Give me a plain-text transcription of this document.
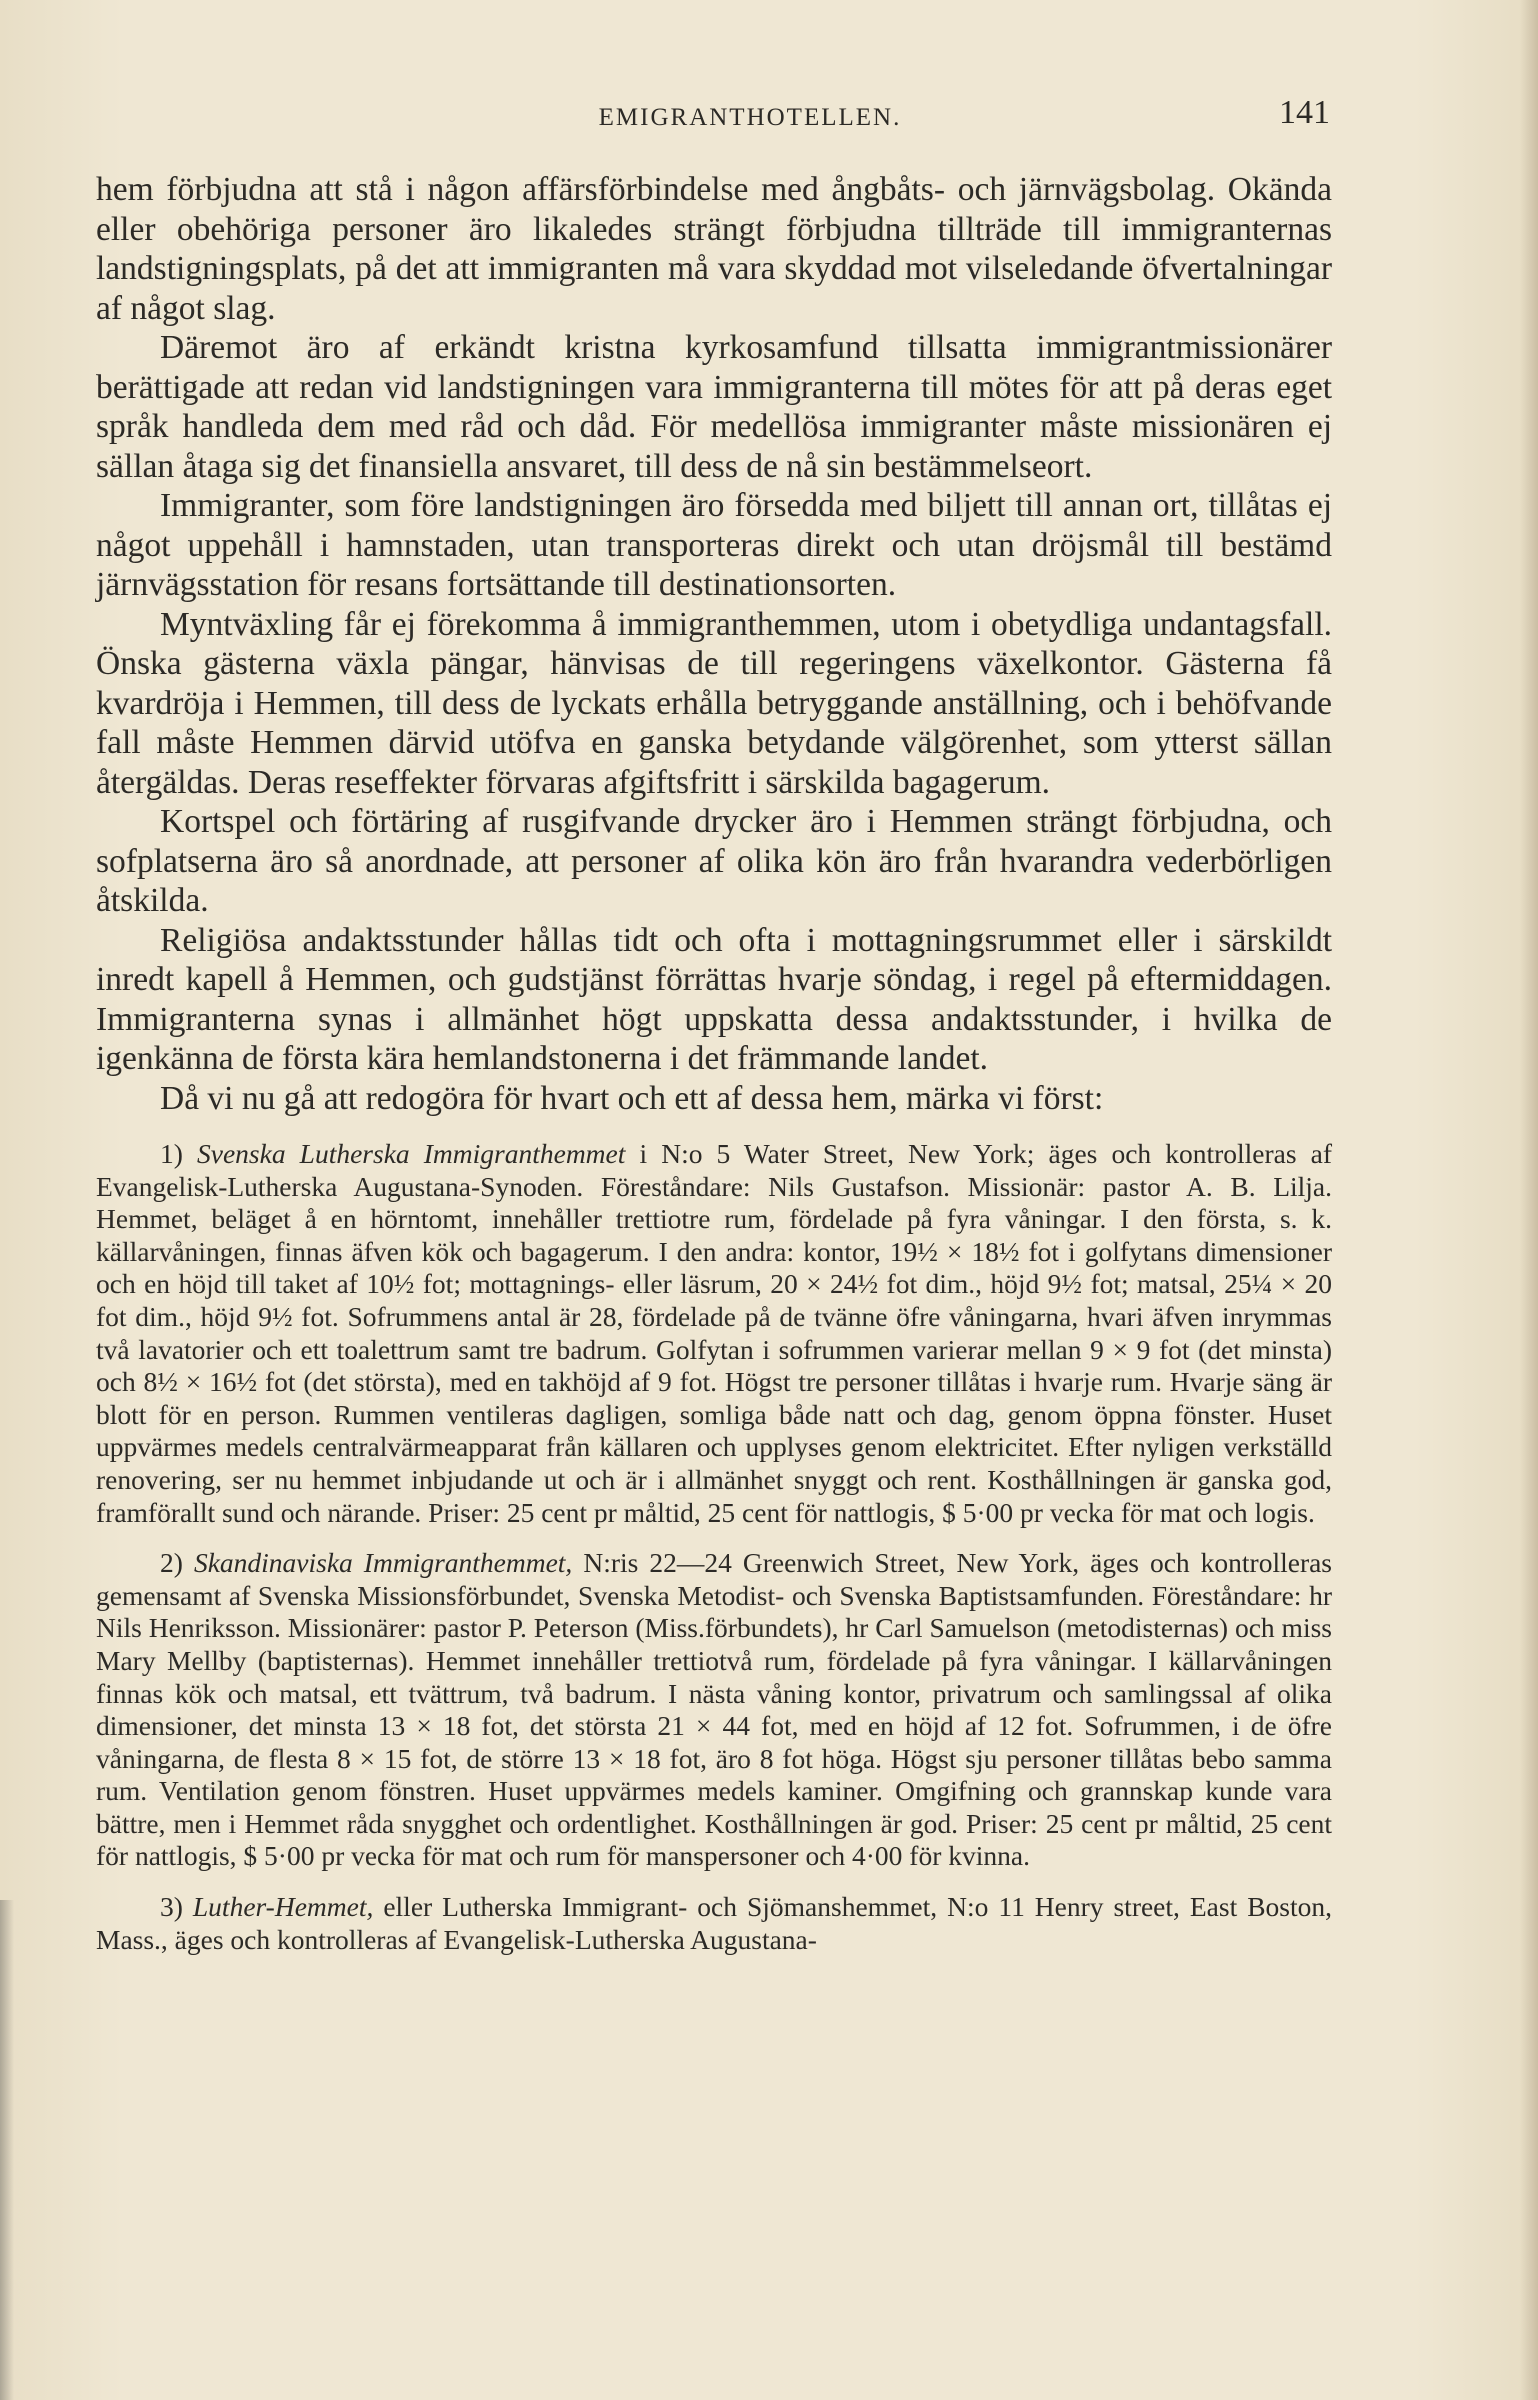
EMIGRANTHOTELLEN.	141

hem förbjudna att stå i någon affärsförbindelse med ångbåts- och järnvägsbolag. Okända eller obehöriga personer äro likaledes strängt förbjudna tillträde till immigranternas landstigningsplats, på det att immigranten må vara skyddad mot vilseledande öfvertalningar af något slag.

Däremot äro af erkändt kristna kyrkosamfund tillsatta immigrantmissionärer berättigade att redan vid landstigningen vara immigranterna till mötes för att på deras eget språk handleda dem med råd och dåd. För medellösa immigranter måste missionären ej sällan åtaga sig det finansiella ansvaret, till dess de nå sin bestämmelseort.

Immigranter, som före landstigningen äro försedda med biljett till annan ort, tillåtas ej något uppehåll i hamnstaden, utan transporteras direkt och utan dröjsmål till bestämd järnvägsstation för resans fortsättande till destinationsorten.

Myntväxling får ej förekomma å immigranthemmen, utom i obetydliga undantagsfall. Önska gästerna växla pängar, hänvisas de till regeringens växelkontor. Gästerna få kvardröja i Hemmen, till dess de lyckats erhålla betryggande anställning, och i behöfvande fall måste Hemmen därvid utöfva en ganska betydande välgörenhet, som ytterst sällan återgäldas. Deras reseffekter förvaras afgiftsfritt i särskilda bagagerum.

Kortspel och förtäring af rusgifvande drycker äro i Hemmen strängt förbjudna, och sofplatserna äro så anordnade, att personer af olika kön äro från hvarandra vederbörligen åtskilda.

Religiösa andaktsstunder hållas tidt och ofta i mottagningsrummet eller i särskildt inredt kapell å Hemmen, och gudstjänst förrättas hvarje söndag, i regel på eftermiddagen. Immigranterna synas i allmänhet högt uppskatta dessa andaktsstunder, i hvilka de igenkänna de första kära hemlandstonerna i det främmande landet.

Då vi nu gå att redogöra för hvart och ett af dessa hem, märka vi först:

1) Svenska Lutherska Immigranthemmet i N:o 5 Water Street, New York; äges och kontrolleras af Evangelisk-Lutherska Augustana-Synoden. Föreståndare: Nils Gustafson. Missionär: pastor A. B. Lilja. Hemmet, beläget å en hörntomt, innehåller trettiotre rum, fördelade på fyra våningar. I den första, s. k. källarvåningen, finnas äfven kök och bagagerum. I den andra: kontor, 19½ × 18½ fot i golfytans dimensioner och en höjd till taket af 10½ fot; mottagnings- eller läsrum, 20 × 24½ fot dim., höjd 9½ fot; matsal, 25¼ × 20 fot dim., höjd 9½ fot. Sofrummens antal är 28, fördelade på de tvänne öfre våningarna, hvari äfven inrymmas två lavatorier och ett toalettrum samt tre badrum. Golfytan i sofrummen varierar mellan 9 × 9 fot (det minsta) och 8½ × 16½ fot (det största), med en takhöjd af 9 fot. Högst tre personer tillåtas i hvarje rum. Hvarje säng är blott för en person. Rummen ventileras dagligen, somliga både natt och dag, genom öppna fönster. Huset uppvärmes medels centralvärmeapparat från källaren och upplyses genom elektricitet. Efter nyligen verkställd renovering, ser nu hemmet inbjudande ut och är i allmänhet snyggt och rent. Kosthållningen är ganska god, framförallt sund och närande. Priser: 25 cent pr måltid, 25 cent för nattlogis, $ 5·00 pr vecka för mat och logis.

2) Skandinaviska Immigranthemmet, N:ris 22—24 Greenwich Street, New York, äges och kontrolleras gemensamt af Svenska Missionsförbundet, Svenska Metodist- och Svenska Baptistsamfunden. Föreståndare: hr Nils Henriksson. Missionärer: pastor P. Peterson (Miss.förbundets), hr Carl Samuelson (metodisternas) och miss Mary Mellby (baptisternas). Hemmet innehåller trettiotvå rum, fördelade på fyra våningar. I källarvåningen finnas kök och matsal, ett tvättrum, två badrum. I nästa våning kontor, privatrum och samlingssal af olika dimensioner, det minsta 13 × 18 fot, det största 21 × 44 fot, med en höjd af 12 fot. Sofrummen, i de öfre våningarna, de flesta 8 × 15 fot, de större 13 × 18 fot, äro 8 fot höga. Högst sju personer tillåtas bebo samma rum. Ventilation genom fönstren. Huset uppvärmes medels kaminer. Omgifning och grannskap kunde vara bättre, men i Hemmet råda snygghet och ordentlighet. Kosthållningen är god. Priser: 25 cent pr måltid, 25 cent för nattlogis, $ 5·00 pr vecka för mat och rum för manspersoner och 4·00 för kvinna.

3) Luther-Hemmet, eller Lutherska Immigrant- och Sjömanshemmet, N:o 11 Henry street, East Boston, Mass., äges och kontrolleras af Evangelisk-Lutherska Augustana-
